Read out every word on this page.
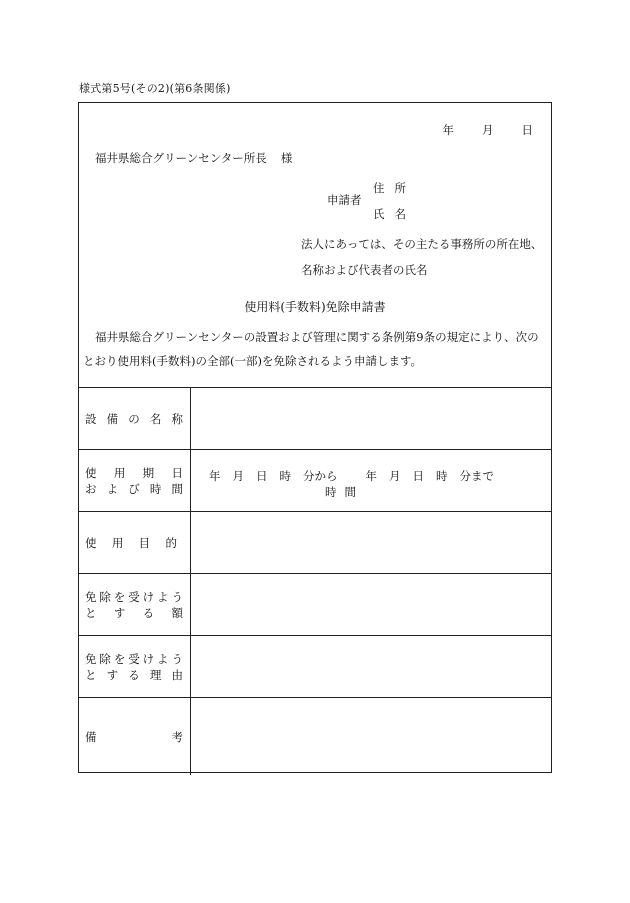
様式第5号(その2)(第6条関係)
年 月 日
福井県総合グリーンセンター所長 様
申請者
住所
氏名
法人にあっては、その主たる事務所の所在地、
名称および代表者の氏名
使用料(手数料)免除申請書
福井県総合グリーンセンターの設置および管理に関する条例第9条の規定により、次のとおり使用料(手数料)の全部(一部)を免除されるよう申請します。
設 備 の 名 称
使 用 期 日
お よ び 時 間
年 月 日 時 分から 年 月 日 時 分まで
時間
使 用 目 的
免 除 を 受 け よ う
と す る 額
免 除 を 受 け よ う
と す る 理 由
備	考
